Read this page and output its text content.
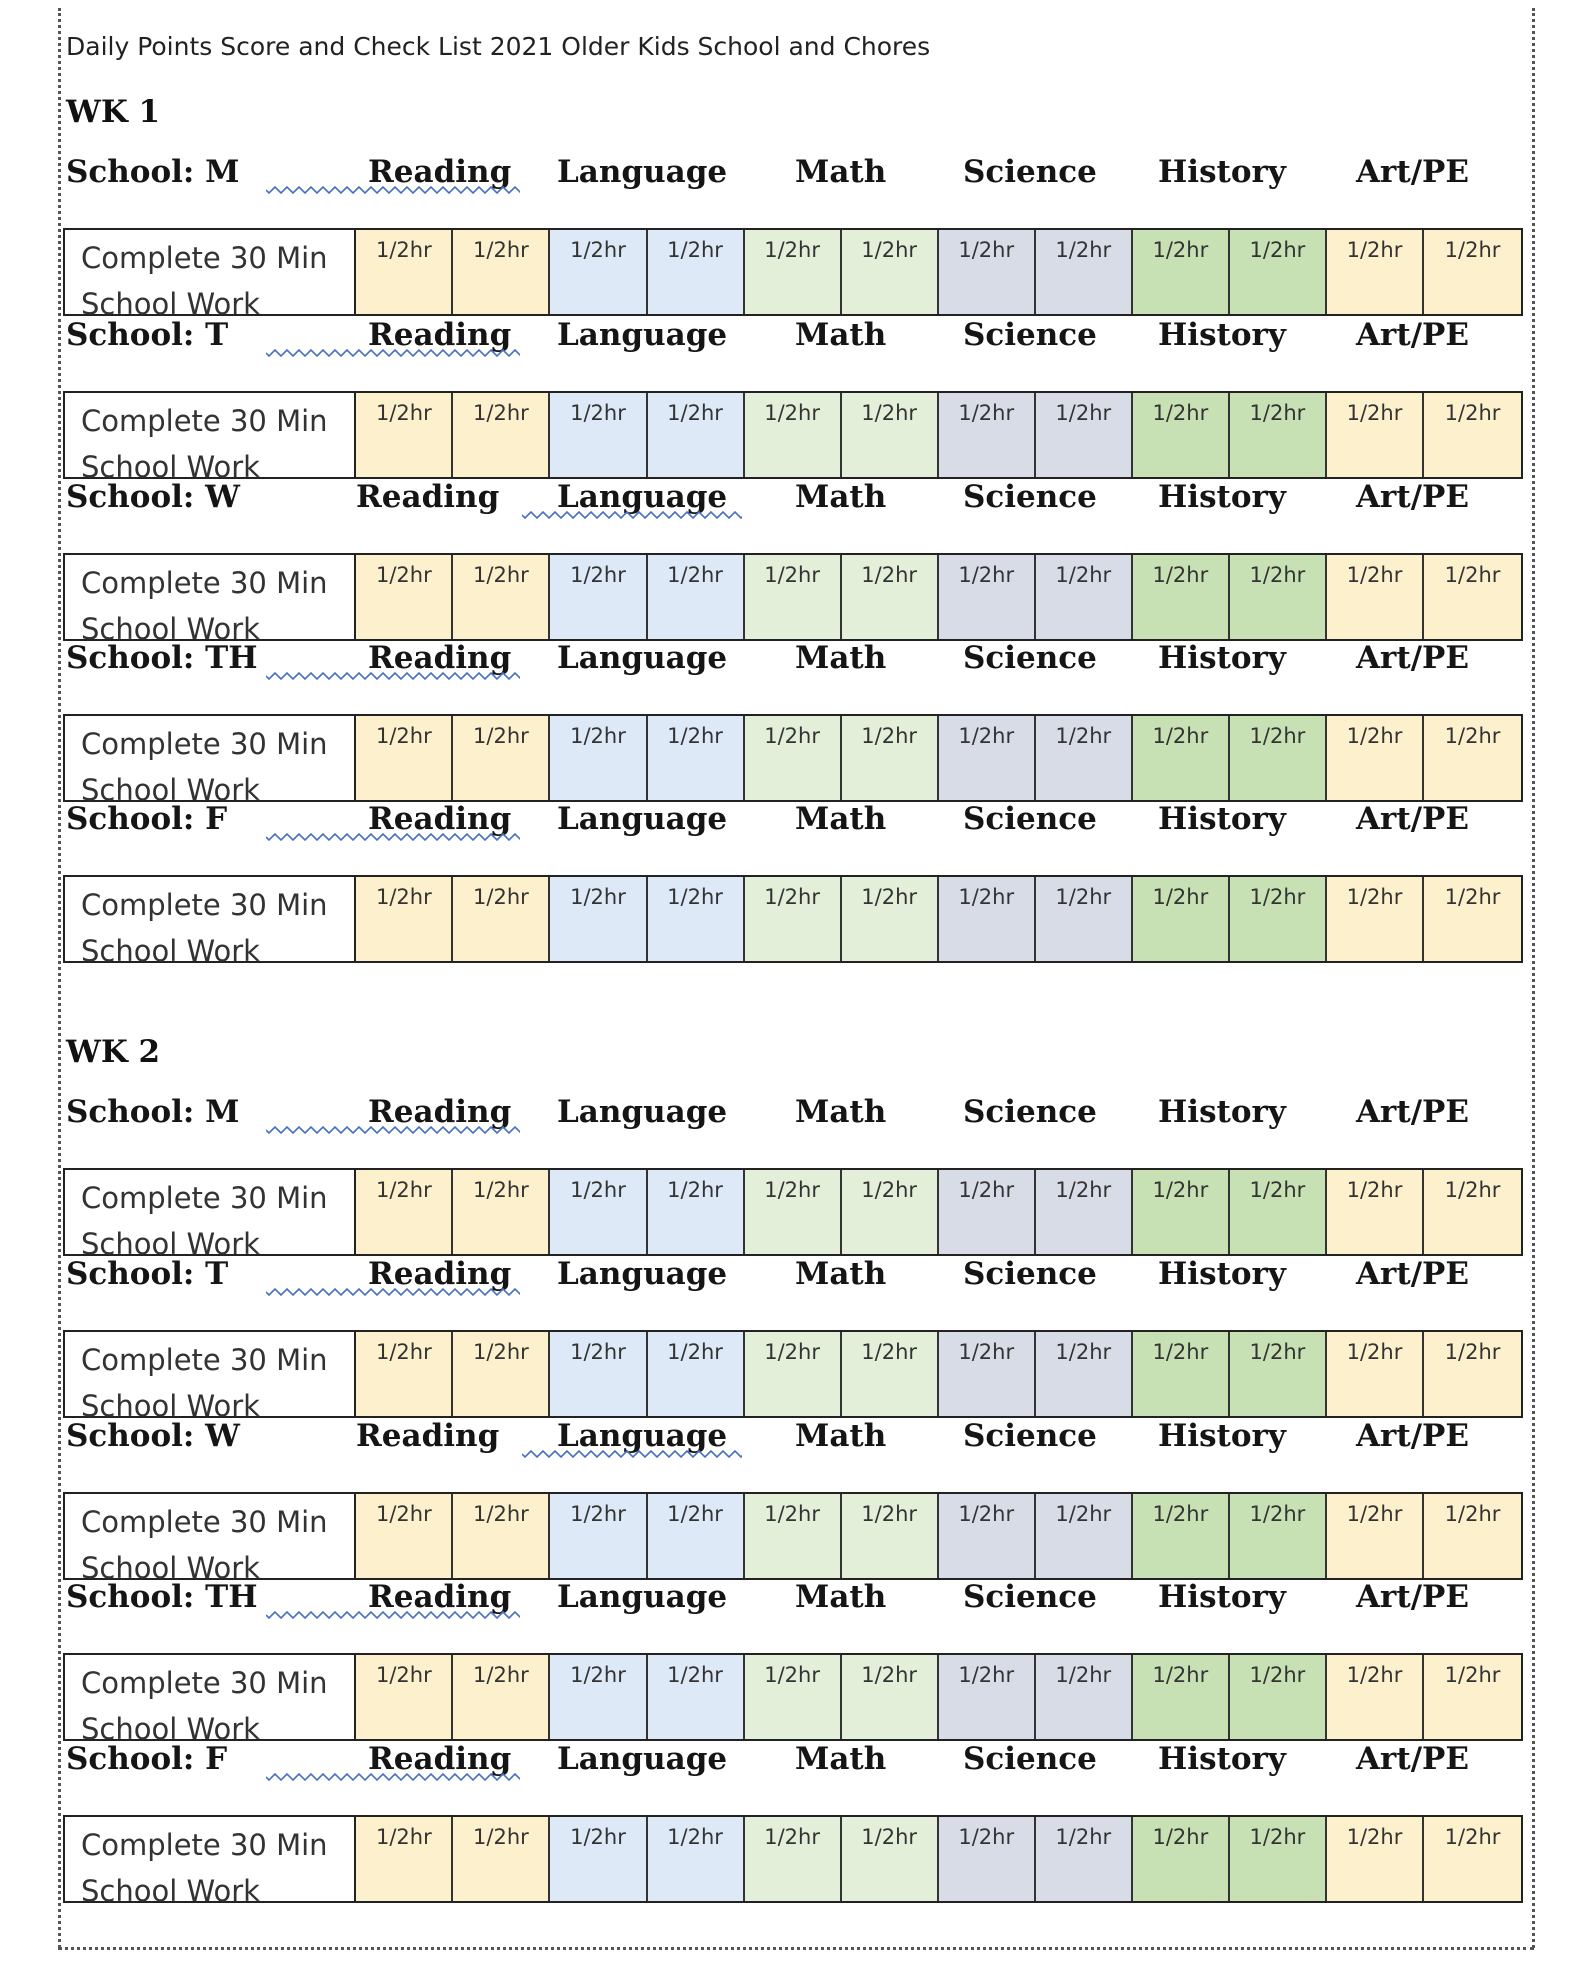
Daily Points Score and Check List 2021 Older Kids School and Chores
WK 1
School: M	Reading Language Math Science History Art/PE
Complete 30 Min
School Work
1/2hr	1/2hr	1/2hr	1/2hr	1/2hr	1/2hr	1/2hr	1/2hr	1/2hr	1/2hr	1/2hr	1/2hr
School: T	Reading Language Math Science History Art/PE
Complete 30 Min
School Work
1/2hr	1/2hr	1/2hr	1/2hr	1/2hr	1/2hr	1/2hr	1/2hr	1/2hr	1/2hr	1/2hr	1/2hr
School: W	Reading Language Math Science History Art/PE
Complete 30 Min
School Work
1/2hr	1/2hr	1/2hr	1/2hr	1/2hr	1/2hr	1/2hr	1/2hr	1/2hr	1/2hr	1/2hr	1/2hr
School: TH	Reading Language Math Science History Art/PE
Complete 30 Min
School Work
1/2hr	1/2hr	1/2hr	1/2hr	1/2hr	1/2hr	1/2hr	1/2hr	1/2hr	1/2hr	1/2hr	1/2hr
School: F	Reading Language Math Science History Art/PE
Complete 30 Min
School Work
1/2hr	1/2hr	1/2hr	1/2hr	1/2hr	1/2hr	1/2hr	1/2hr	1/2hr	1/2hr	1/2hr	1/2hr
WK 2
School: M	Reading Language Math Science History Art/PE
Complete 30 Min
School Work
1/2hr	1/2hr	1/2hr	1/2hr	1/2hr	1/2hr	1/2hr	1/2hr	1/2hr	1/2hr	1/2hr	1/2hr
School: T	Reading Language Math Science History Art/PE
Complete 30 Min
School Work
1/2hr	1/2hr	1/2hr	1/2hr	1/2hr	1/2hr	1/2hr	1/2hr	1/2hr	1/2hr	1/2hr	1/2hr
School: W	Reading Language Math Science History Art/PE
Complete 30 Min
School Work
1/2hr	1/2hr	1/2hr	1/2hr	1/2hr	1/2hr	1/2hr	1/2hr	1/2hr	1/2hr	1/2hr	1/2hr
School: TH	Reading Language Math Science History Art/PE
Complete 30 Min
School Work
1/2hr	1/2hr	1/2hr	1/2hr	1/2hr	1/2hr	1/2hr	1/2hr	1/2hr	1/2hr	1/2hr	1/2hr
School: F	Reading Language Math Science History Art/PE
Complete 30 Min
School Work
1/2hr	1/2hr	1/2hr	1/2hr	1/2hr	1/2hr	1/2hr	1/2hr	1/2hr	1/2hr	1/2hr	1/2hr
